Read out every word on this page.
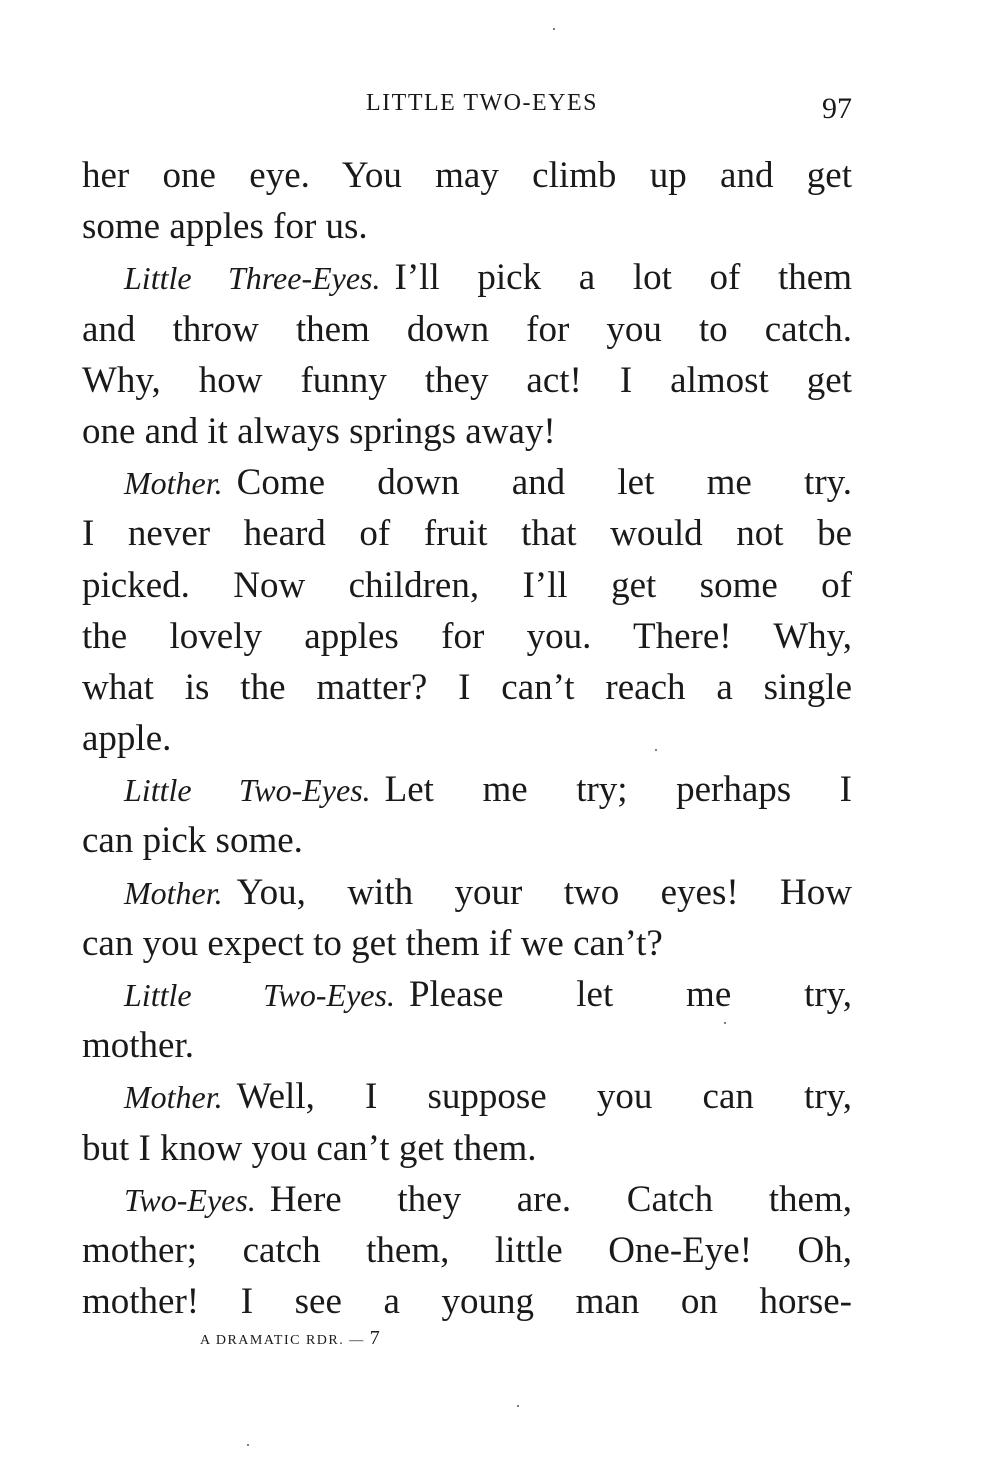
LITTLE TWO-EYES	97
her one eye. You may climb up and get
some apples for us.
Little Three-Eyes. I’ll pick a lot of them
and throw them down for you to catch.
Why, how funny they act! I almost get
one and it always springs away!
Mother. Come down and let me try.
I never heard of fruit that would not be
picked. Now children, I’ll get some of
the lovely apples for you. There! Why,
what is the matter? I can’t reach a single
apple.
Little Two-Eyes. Let me try; perhaps I
can pick some.
Mother. You, with your two eyes! How
can you expect to get them if we can’t?
Little Two-Eyes. Please let me try,
mother.
Mother. Well, I suppose you can try,
but I know you can’t get them.
Two-Eyes. Here they are. Catch them,
mother; catch them, little One-Eye! Oh,
mother! I see a young man on horse-
A DRAMATIC RDR. — 7
